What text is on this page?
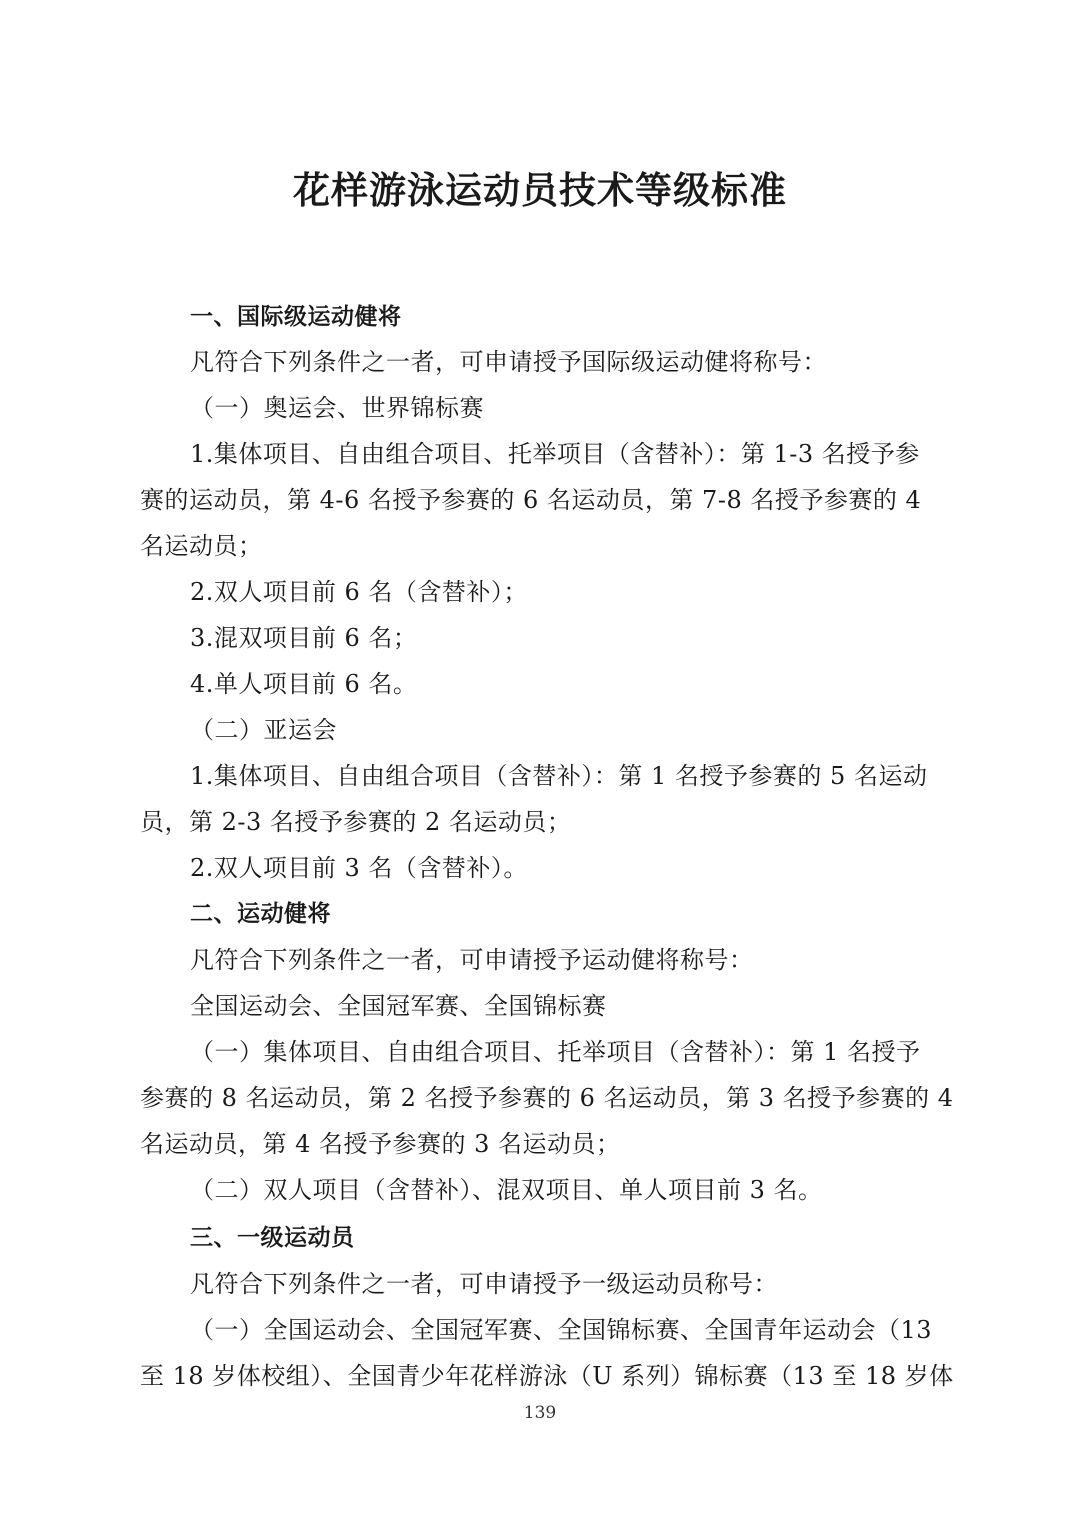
花样游泳运动员技术等级标准
一、国际级运动健将
凡符合下列条件之一者，可申请授予国际级运动健将称号：
（一）奥运会、世界锦标赛
1.集体项目、自由组合项目、托举项目（含替补）：第 1-3 名授予参
赛的运动员，第 4-6 名授予参赛的 6 名运动员，第 7-8 名授予参赛的 4
名运动员；
2.双人项目前 6 名（含替补）；
3.混双项目前 6 名；
4.单人项目前 6 名。
（二）亚运会
1.集体项目、自由组合项目（含替补）：第 1 名授予参赛的 5 名运动
员，第 2-3 名授予参赛的 2 名运动员；
2.双人项目前 3 名（含替补）。
二、运动健将
凡符合下列条件之一者，可申请授予运动健将称号：
全国运动会、全国冠军赛、全国锦标赛
（一）集体项目、自由组合项目、托举项目（含替补）：第 1 名授予
参赛的 8 名运动员，第 2 名授予参赛的 6 名运动员，第 3 名授予参赛的 4
名运动员，第 4 名授予参赛的 3 名运动员；
（二）双人项目（含替补）、混双项目、单人项目前 3 名。
三、一级运动员
凡符合下列条件之一者，可申请授予一级运动员称号：
（一）全国运动会、全国冠军赛、全国锦标赛、全国青年运动会（13
至 18 岁体校组）、全国青少年花样游泳（U 系列）锦标赛（13 至 18 岁体
139
